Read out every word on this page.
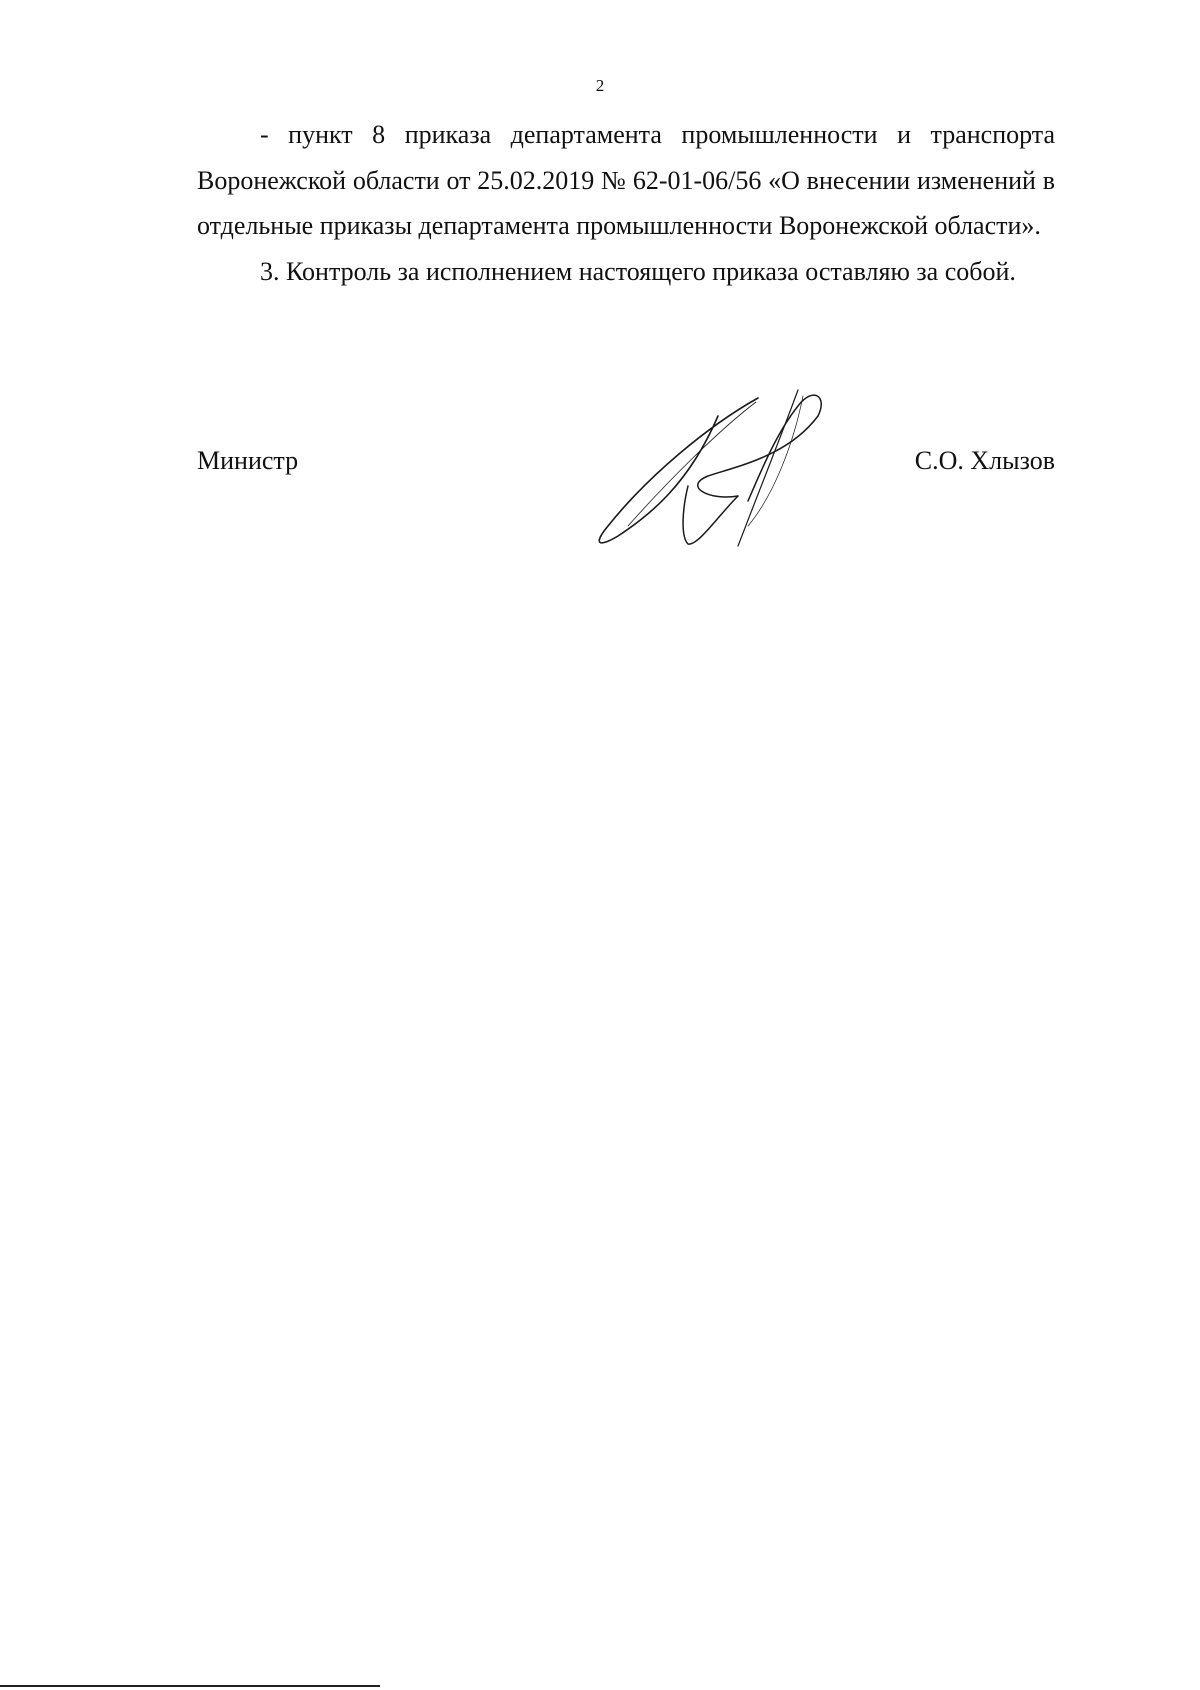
2

- пункт 8 приказа департамента промышленности и транспорта Воронежской области от 25.02.2019 № 62-01-06/56 «О внесении изменений в отдельные приказы департамента промышленности Воронежской области».

3. Контроль за исполнением настоящего приказа оставляю за собой.

Министр	С.О. Хлызов
